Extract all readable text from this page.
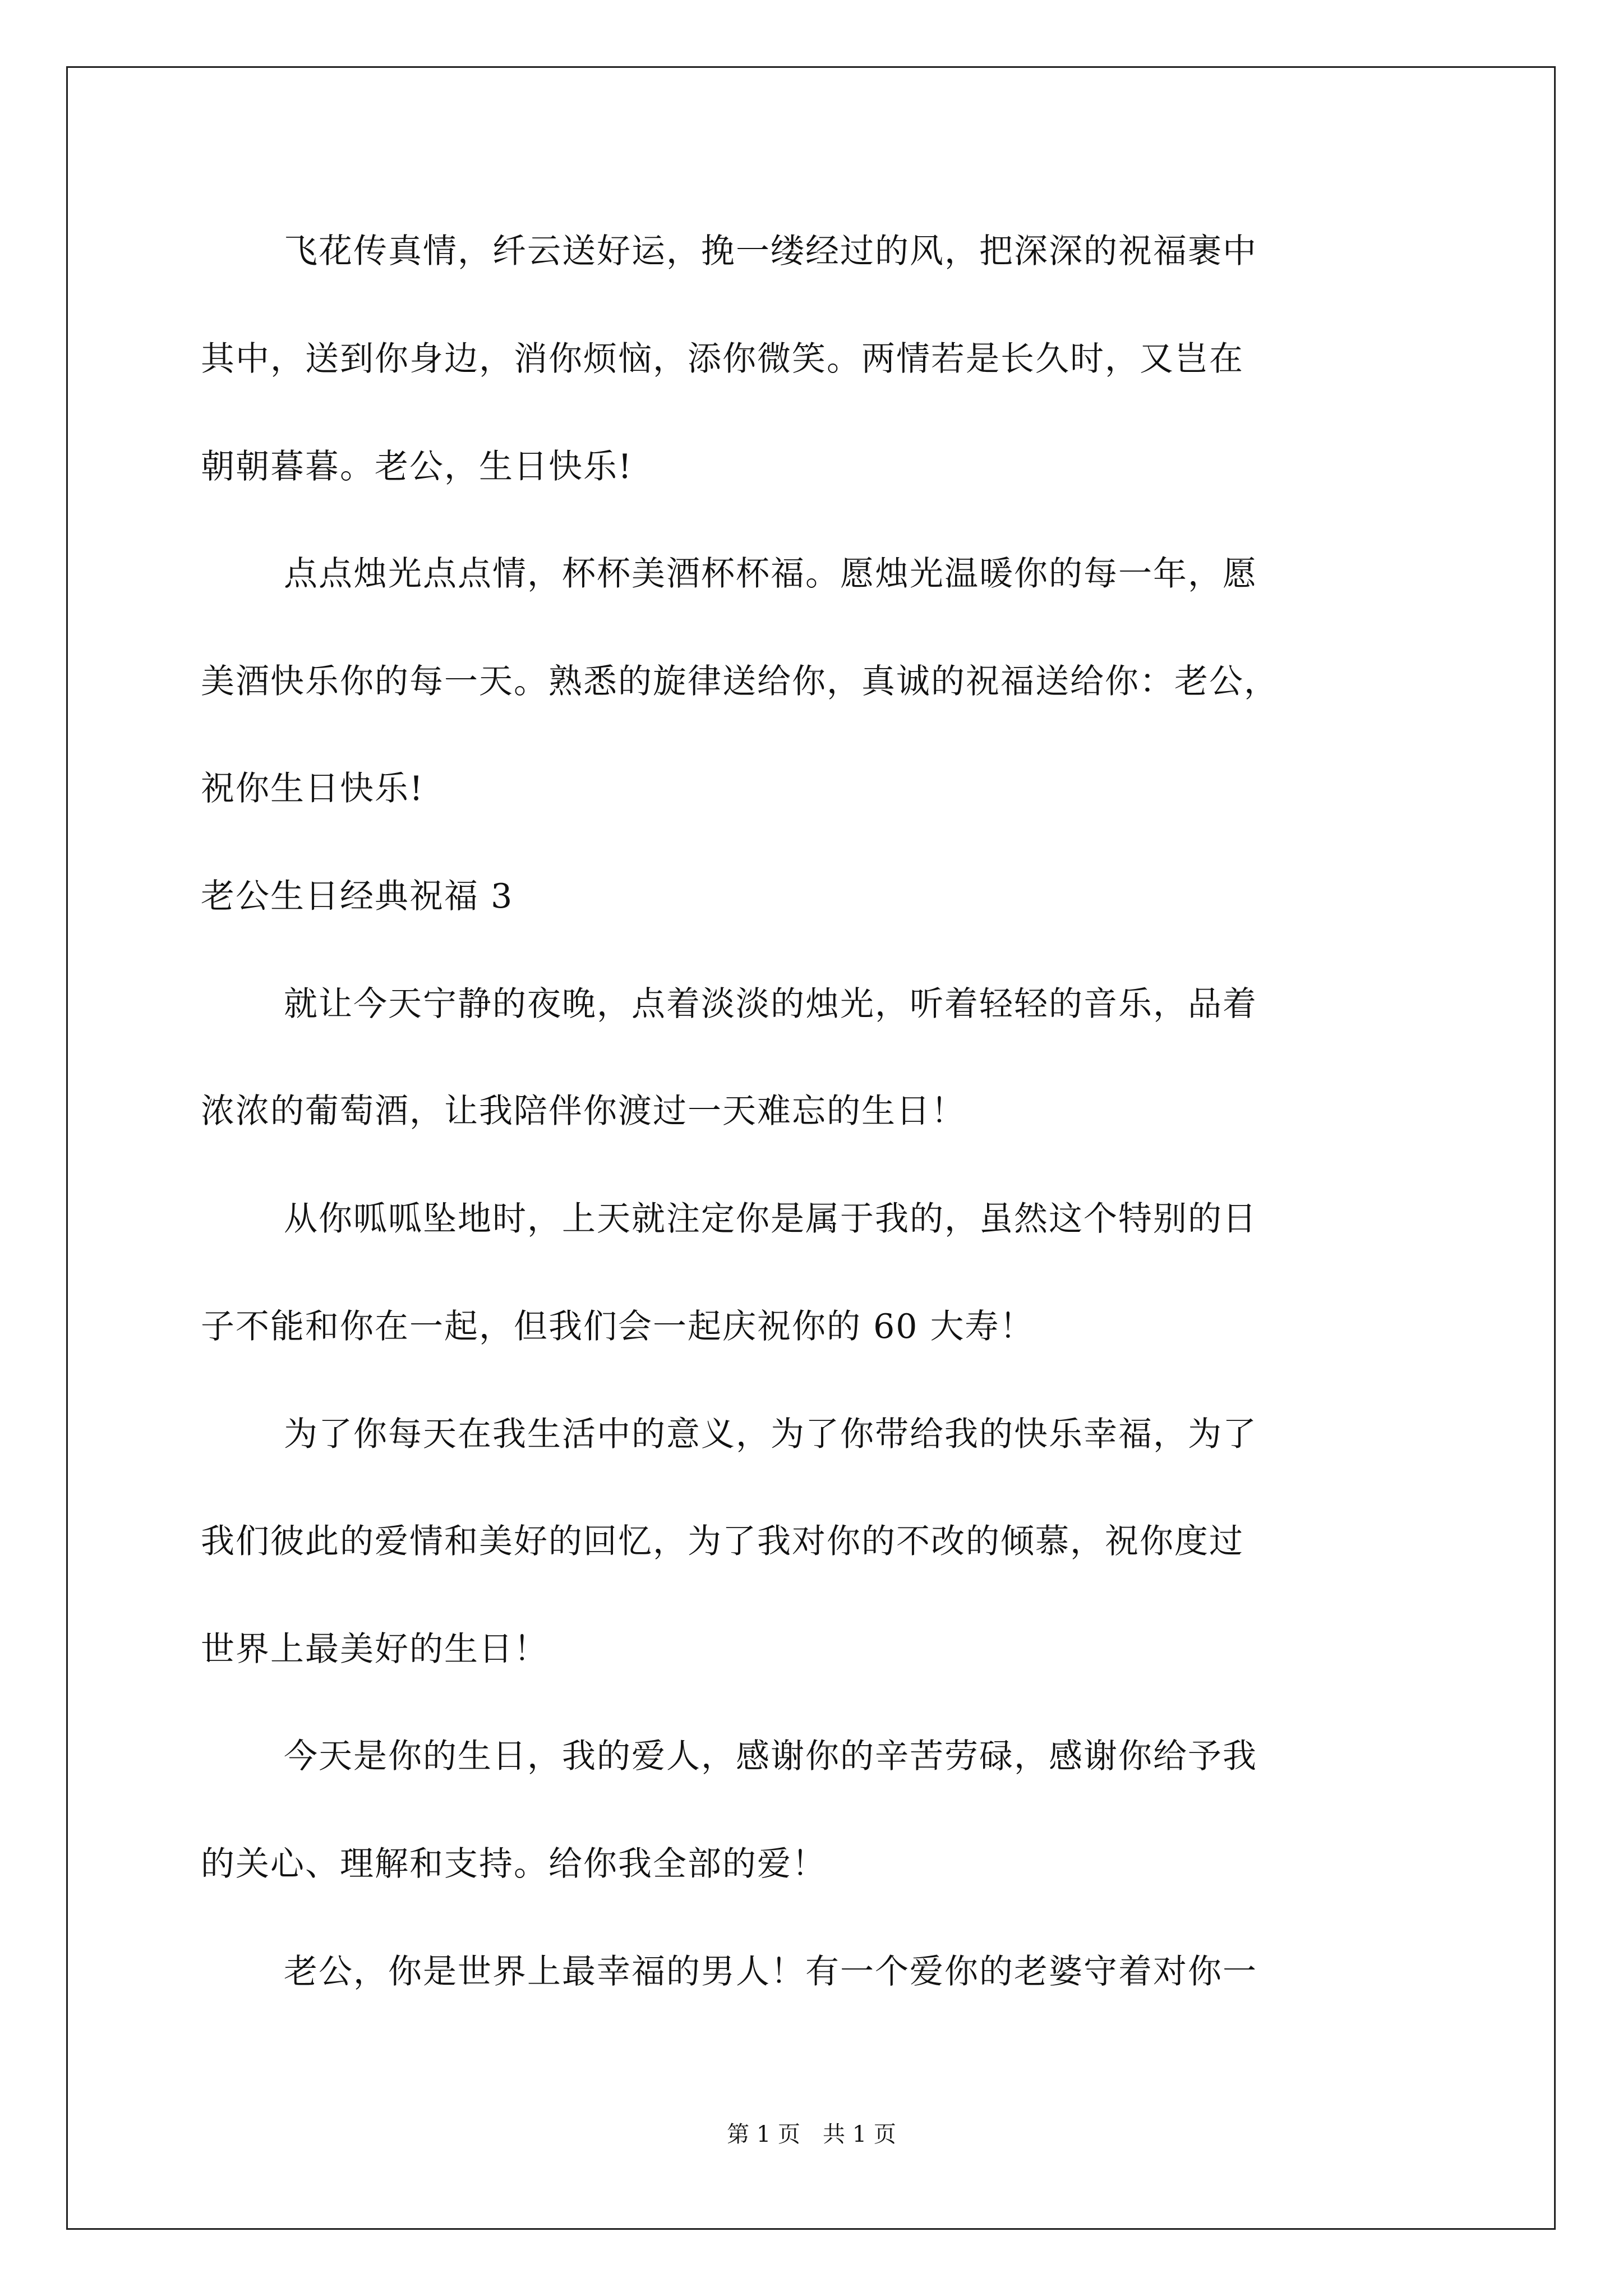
飞花传真情，纤云送好运，挽一缕经过的风，把深深的祝福裹中
其中，送到你身边，消你烦恼，添你微笑。两情若是长久时，又岂在
朝朝暮暮。老公，生日快乐!
点点烛光点点情，杯杯美酒杯杯福。愿烛光温暖你的每一年，愿
美酒快乐你的每一天。熟悉的旋律送给你，真诚的祝福送给你：老公，
祝你生日快乐!
老公生日经典祝福 3
就让今天宁静的夜晚，点着淡淡的烛光，听着轻轻的音乐，品着
浓浓的葡萄酒，让我陪伴你渡过一天难忘的生日！
从你呱呱坠地时，上天就注定你是属于我的，虽然这个特别的日
子不能和你在一起，但我们会一起庆祝你的 60 大寿！
为了你每天在我生活中的意义，为了你带给我的快乐幸福，为了
我们彼此的爱情和美好的回忆，为了我对你的不改的倾慕，祝你度过
世界上最美好的生日！
今天是你的生日，我的爱人，感谢你的辛苦劳碌，感谢你给予我
的关心、理解和支持。给你我全部的爱！
老公，你是世界上最幸福的男人！有一个爱你的老婆守着对你一
第 1 页　共 1 页
